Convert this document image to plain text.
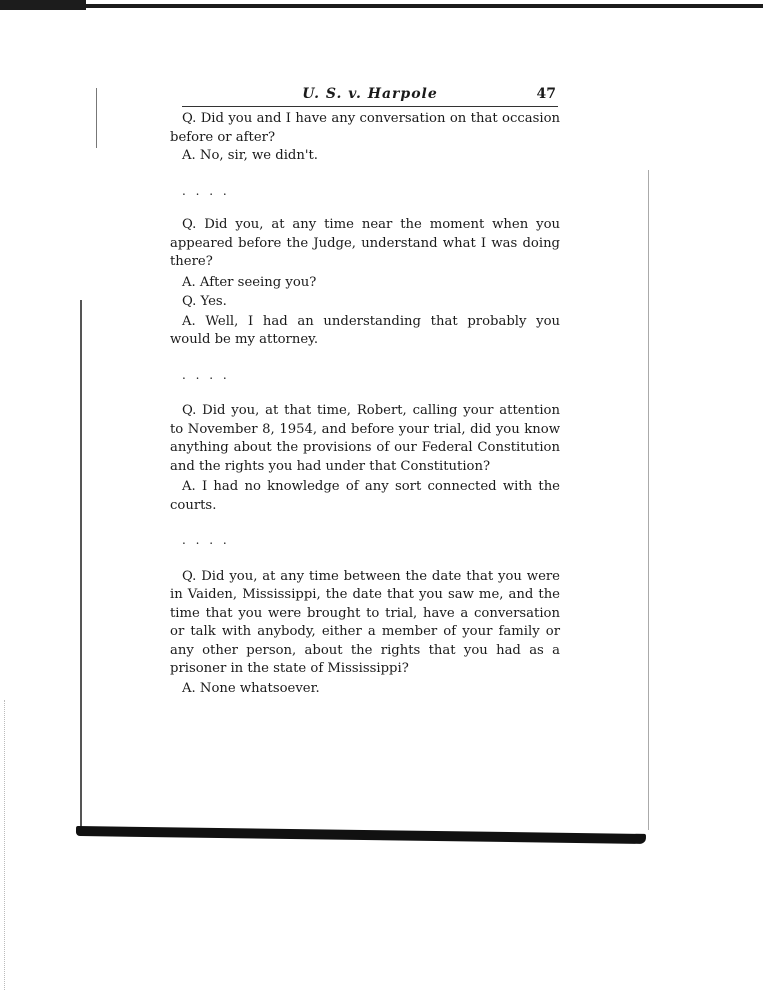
U. S. v. Harpole	47
Q. Did you and I have any conversation on that occasion before or after?
A. No, sir, we didn't.
. . . .
Q. Did you, at any time near the moment when you appeared before the Judge, understand what I was doing there?
A. After seeing you?
Q. Yes.
A. Well, I had an understanding that probably you would be my attorney.
. . . .
Q. Did you, at that time, Robert, calling your attention to November 8, 1954, and before your trial, did you know anything about the provisions of our Federal Constitution and the rights you had under that Constitution?
A. I had no knowledge of any sort connected with the courts.
. . . .
Q. Did you, at any time between the date that you were in Vaiden, Mississippi, the date that you saw me, and the time that you were brought to trial, have a conversation or talk with anybody, either a member of your family or any other person, about the rights that you had as a prisoner in the state of Mississippi?
A. None whatsoever.
